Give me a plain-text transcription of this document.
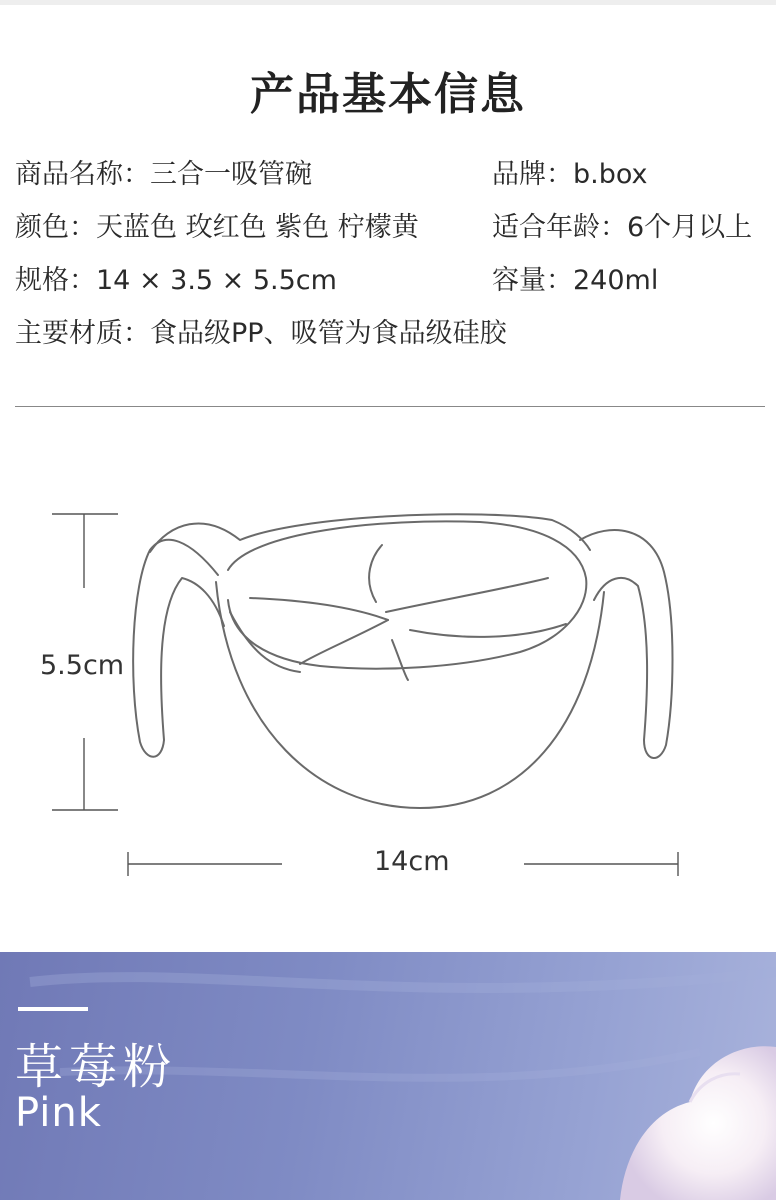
产品基本信息
商品名称：三合一吸管碗	品牌：b.box
颜色：天蓝色 玫红色 紫色 柠檬黄	适合年龄：6个月以上
规格：14 × 3.5 × 5.5cm	容量：240ml
主要材质：食品级PP、吸管为食品级硅胶
5.5cm
14cm
草莓粉
Pink
